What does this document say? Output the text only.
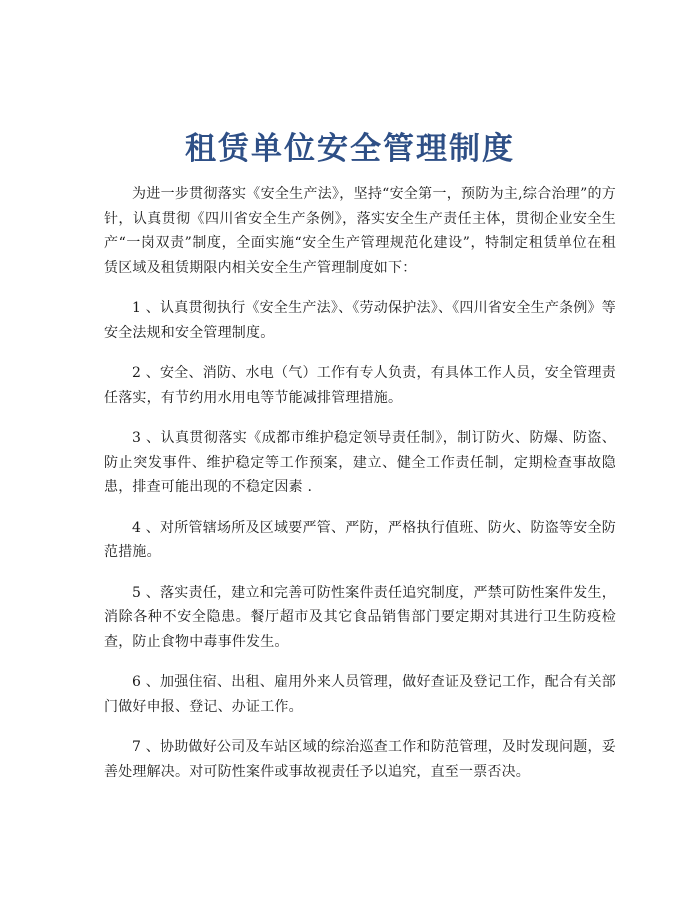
租赁单位安全管理制度

为进一步贯彻落实《安全生产法》，坚持“安全第一，预防为主,综合治理”的方针，认真贯彻《四川省安全生产条例》，落实安全生产责任主体，贯彻企业安全生产“一岗双责”制度，全面实施“安全生产管理规范化建设”，特制定租赁单位在租赁区域及租赁期限内相关安全生产管理制度如下：

1 、认真贯彻执行《安全生产法》、《劳动保护法》、《四川省安全生产条例》等安全法规和安全管理制度。

2 、安全、消防、水电（气）工作有专人负责，有具体工作人员，安全管理责任落实，有节约用水用电等节能减排管理措施。

3 、认真贯彻落实《成都市维护稳定领导责任制》，制订防火、防爆、防盗、防止突发事件、维护稳定等工作预案，建立、健全工作责任制，定期检查事故隐患，排查可能出现的不稳定因素 .

4 、对所管辖场所及区域要严管、严防，严格执行值班、防火、防盗等安全防范措施。

5 、落实责任，建立和完善可防性案件责任追究制度，严禁可防性案件发生，消除各种不安全隐患。餐厅超市及其它食品销售部门要定期对其进行卫生防疫检查，防止食物中毒事件发生。

6 、加强住宿、出租、雇用外来人员管理，做好查证及登记工作，配合有关部门做好申报、登记、办证工作。

7 、协助做好公司及车站区域的综治巡查工作和防范管理，及时发现问题，妥善处理解决。对可防性案件或事故视责任予以追究，直至一票否决。
